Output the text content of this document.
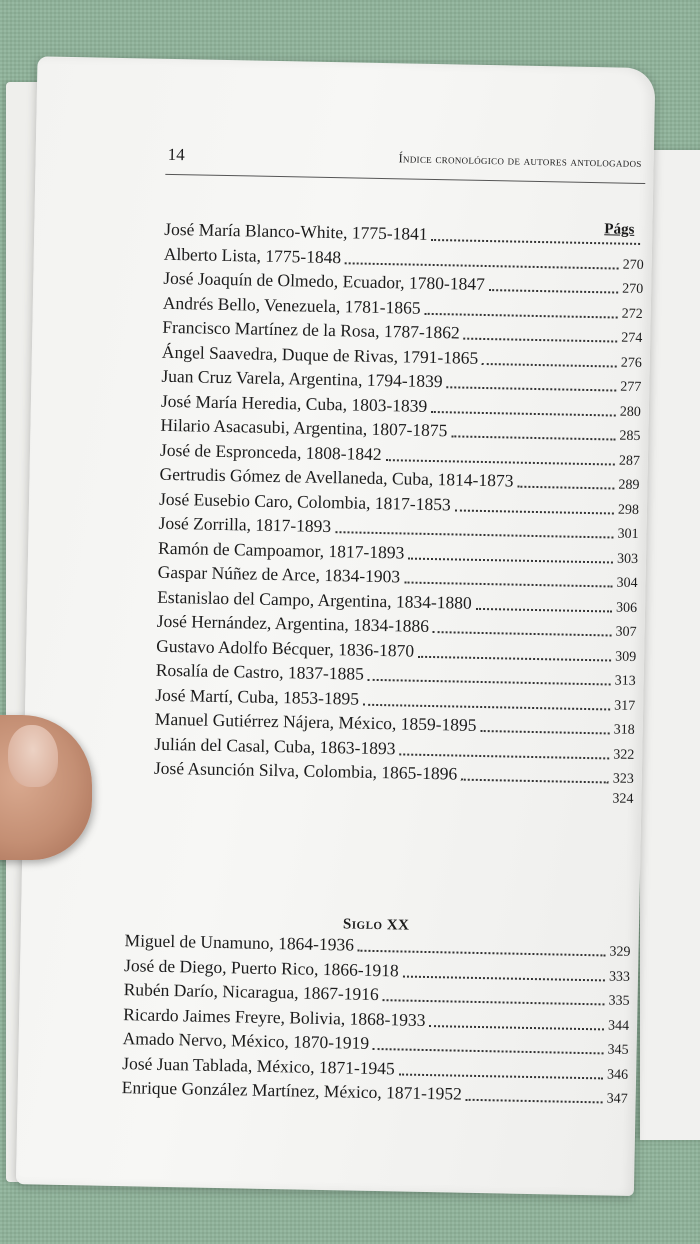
14	Índice cronológico de autores antologados
Págs
José María Blanco-White, 1775-1841
Alberto Lista, 1775-1848	270
José Joaquín de Olmedo, Ecuador, 1780-1847	270
Andrés Bello, Venezuela, 1781-1865	272
Francisco Martínez de la Rosa, 1787-1862	274
Ángel Saavedra, Duque de Rivas, 1791-1865	276
Juan Cruz Varela, Argentina, 1794-1839	277
José María Heredia, Cuba, 1803-1839	280
Hilario Asacasubi, Argentina, 1807-1875	285
José de Espronceda, 1808-1842	287
Gertrudis Gómez de Avellaneda, Cuba, 1814-1873	289
José Eusebio Caro, Colombia, 1817-1853	298
José Zorrilla, 1817-1893	301
Ramón de Campoamor, 1817-1893	303
Gaspar Núñez de Arce, 1834-1903	304
Estanislao del Campo, Argentina, 1834-1880	306
José Hernández, Argentina, 1834-1886	307
Gustavo Adolfo Bécquer, 1836-1870	309
Rosalía de Castro, 1837-1885	313
José Martí, Cuba, 1853-1895	317
Manuel Gutiérrez Nájera, México, 1859-1895	318
Julián del Casal, Cuba, 1863-1893	322
José Asunción Silva, Colombia, 1865-1896	323
324
Siglo XX
Miguel de Unamuno, 1864-1936	329
José de Diego, Puerto Rico, 1866-1918	333
Rubén Darío, Nicaragua, 1867-1916	335
Ricardo Jaimes Freyre, Bolivia, 1868-1933	344
Amado Nervo, México, 1870-1919	345
José Juan Tablada, México, 1871-1945	346
Enrique González Martínez, México, 1871-1952	347
